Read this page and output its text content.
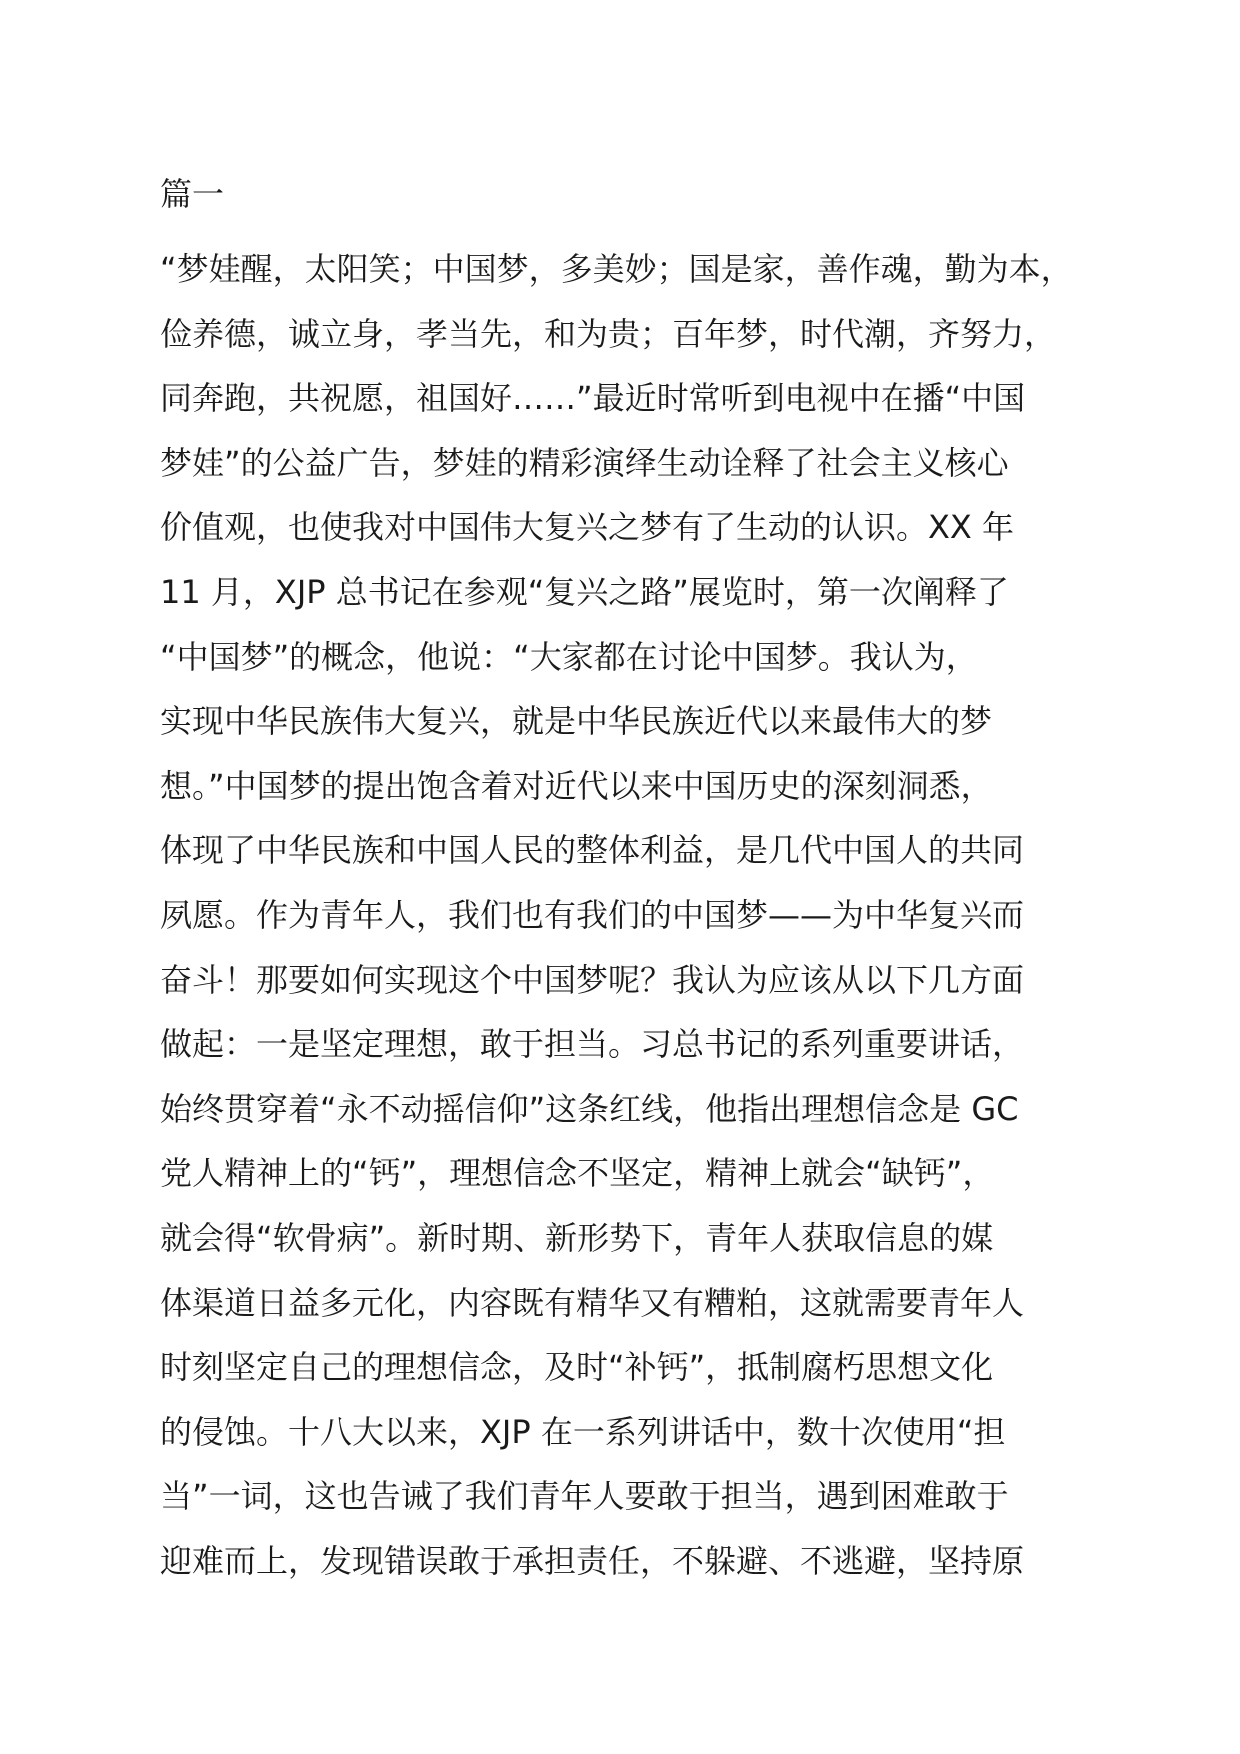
篇一
“梦娃醒，太阳笑；中国梦，多美妙；国是家，善作魂，勤为本，
俭养德，诚立身，孝当先，和为贵；百年梦，时代潮，齐努力，
同奔跑，共祝愿，祖国好……”最近时常听到电视中在播“中国
梦娃”的公益广告，梦娃的精彩演绎生动诠释了社会主义核心
价值观，也使我对中国伟大复兴之梦有了生动的认识。XX 年
11 月，XJP 总书记在参观“复兴之路”展览时，第一次阐释了
“中国梦”的概念，他说：“大家都在讨论中国梦。我认为，
实现中华民族伟大复兴，就是中华民族近代以来最伟大的梦
想。”中国梦的提出饱含着对近代以来中国历史的深刻洞悉，
体现了中华民族和中国人民的整体利益，是几代中国人的共同
夙愿。作为青年人，我们也有我们的中国梦——为中华复兴而
奋斗！那要如何实现这个中国梦呢？我认为应该从以下几方面
做起：一是坚定理想，敢于担当。习总书记的系列重要讲话，
始终贯穿着“永不动摇信仰”这条红线，他指出理想信念是 GC
党人精神上的“钙”，理想信念不坚定，精神上就会“缺钙”，
就会得“软骨病”。新时期、新形势下，青年人获取信息的媒
体渠道日益多元化，内容既有精华又有糟粕，这就需要青年人
时刻坚定自己的理想信念，及时“补钙”，抵制腐朽思想文化
的侵蚀。十八大以来，XJP 在一系列讲话中，数十次使用“担
当”一词，这也告诫了我们青年人要敢于担当，遇到困难敢于
迎难而上，发现错误敢于承担责任，不躲避、不逃避，坚持原
